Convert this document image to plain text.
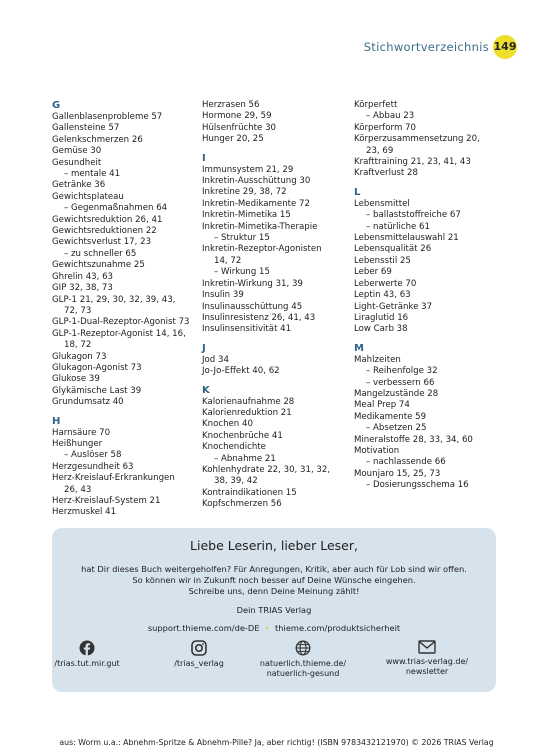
Stichwortverzeichnis 149
G
Gallenblasenprobleme 57
Gallensteine 57
Gelenkschmerzen 26
Gemüse 30
Gesundheit
– mentale 41
Getränke 36
Gewichtsplateau
– Gegenmaßnahmen 64
Gewichtsreduktion 26, 41
Gewichtsreduktionen 22
Gewichtsverlust 17, 23
– zu schneller 65
Gewichtszunahme 25
Ghrelin 43, 63
GIP 32, 38, 73
GLP-1 21, 29, 30, 32, 39, 43,
72, 73
GLP-1-Dual-Rezeptor-Agonist 73
GLP-1-Rezeptor-Agonist 14, 16,
18, 72
Glukagon 73
Glukagon-Agonist 73
Glukose 39
Glykämische Last 39
Grundumsatz 40
H
Harnsäure 70
Heißhunger
– Auslöser 58
Herzgesundheit 63
Herz-Kreislauf-Erkrankungen
26, 43
Herz-Kreislauf-System 21
Herzmuskel 41
Herzrasen 56
Hormone 29, 59
Hülsenfrüchte 30
Hunger 20, 25
I
Immunsystem 21, 29
Inkretin-Ausschüttung 30
Inkretine 29, 38, 72
Inkretin-Medikamente 72
Inkretin-Mimetika 15
Inkretin-Mimetika-Therapie
– Struktur 15
Inkretin-Rezeptor-Agonisten
14, 72
– Wirkung 15
Inkretin-Wirkung 31, 39
Insulin 39
Insulinausschüttung 45
Insulinresistenz 26, 41, 43
Insulinsensitivität 41
J
Jod 34
Jo-Jo-Effekt 40, 62
K
Kalorienaufnahme 28
Kalorienreduktion 21
Knochen 40
Knochenbrüche 41
Knochendichte
– Abnahme 21
Kohlenhydrate 22, 30, 31, 32,
38, 39, 42
Kontraindikationen 15
Kopfschmerzen 56
Körperfett
– Abbau 23
Körperform 70
Körperzusammensetzung 20,
23, 69
Krafttraining 21, 23, 41, 43
Kraftverlust 28
L
Lebensmittel
– ballaststoffreiche 67
– natürliche 61
Lebensmittelauswahl 21
Lebensqualität 26
Lebensstil 25
Leber 69
Leberwerte 70
Leptin 43, 63
Light-Getränke 37
Liraglutid 16
Low Carb 38
M
Mahlzeiten
– Reihenfolge 32
– verbessern 66
Mangelzustände 28
Meal Prep 74
Medikamente 59
– Absetzen 25
Mineralstoffe 28, 33, 34, 60
Motivation
– nachlassende 66
Mounjaro 15, 25, 73
– Dosierungsschema 16
Liebe Leserin, lieber Leser,
hat Dir dieses Buch weitergeholfen? Für Anregungen, Kritik, aber auch für Lob sind wir offen.
So können wir in Zukunft noch besser auf Deine Wünsche eingehen.
Schreibe uns, denn Deine Meinung zählt!
Dein TRIAS Verlag
support.thieme.com/de-DE  •  thieme.com/produktsicherheit
/trias.tut.mir.gut	/trias_verlag	natuerlich.thieme.de/
natuerlich-gesund
www.trias-verlag.de/
newsletter
aus: Worm u.a.: Abnehm-Spritze & Abnehm-Pille? Ja, aber richtig! (ISBN 9783432121970) © 2026 TRIAS Verlag
